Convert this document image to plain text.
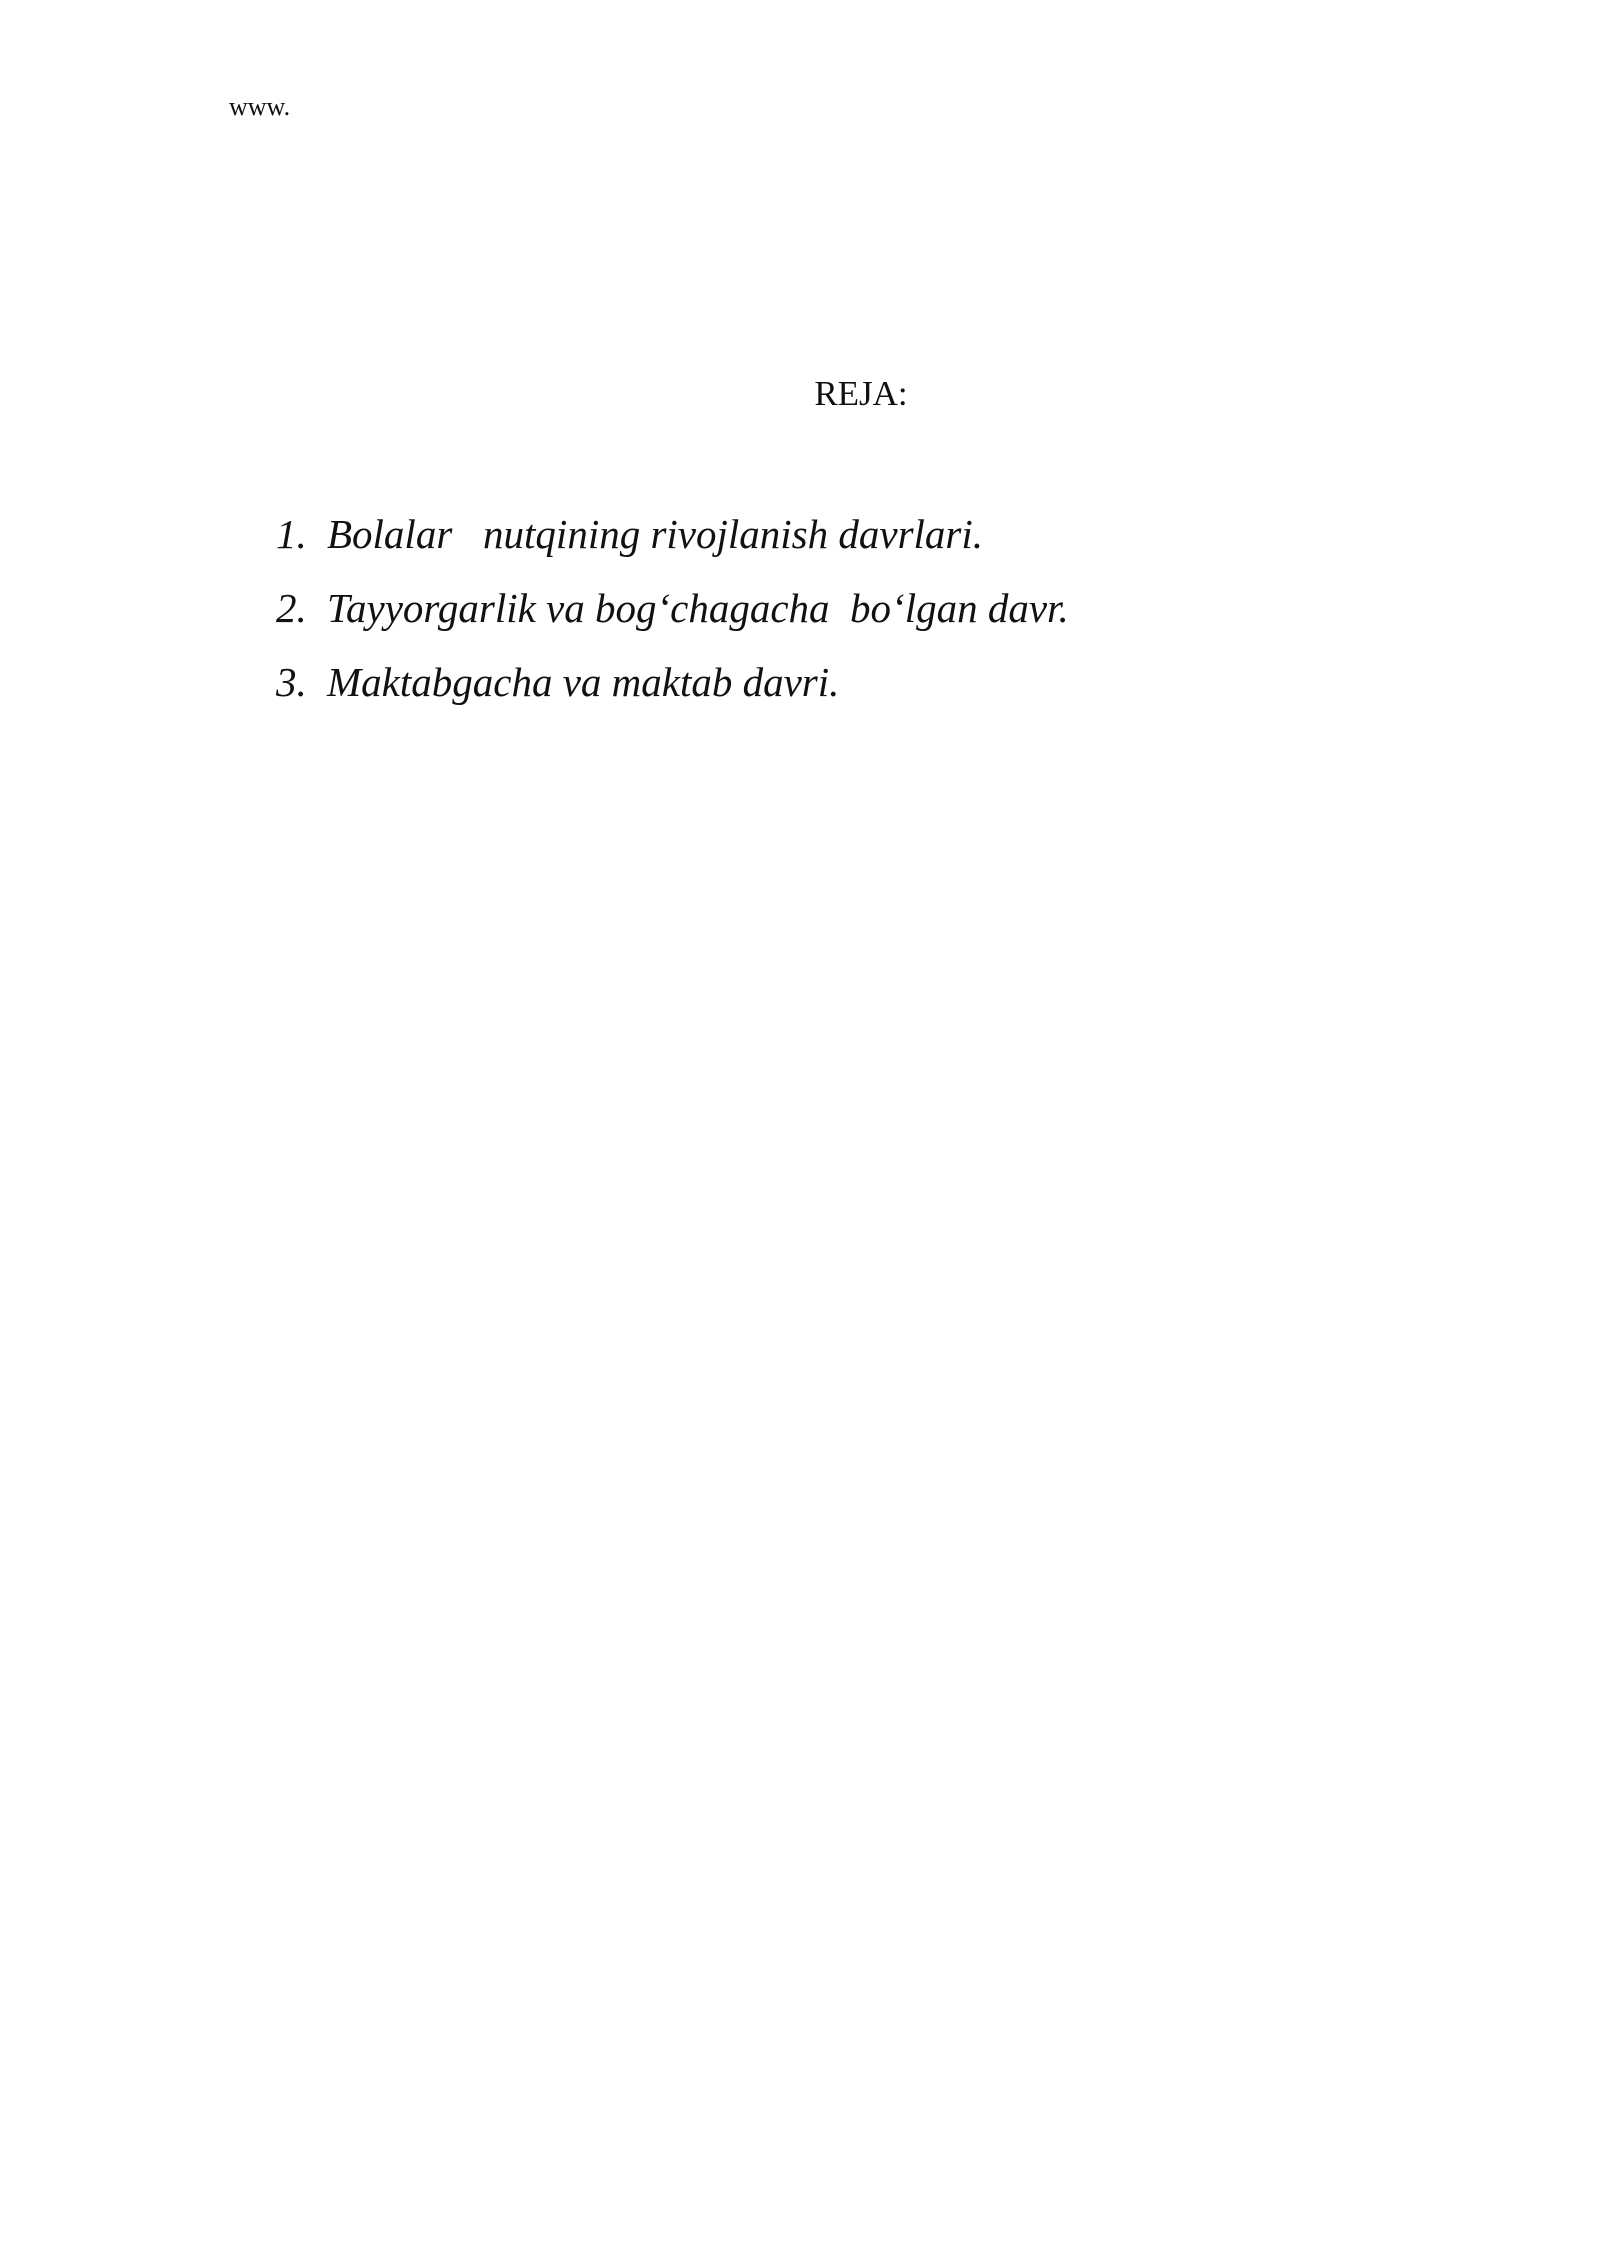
www.
REJA:
1. Bolalar   nutqining rivojlanish davrlari.
2. Tayyorgarlik va bog‘chagacha  bo‘lgan davr.
3. Maktabgacha va maktab davri.
